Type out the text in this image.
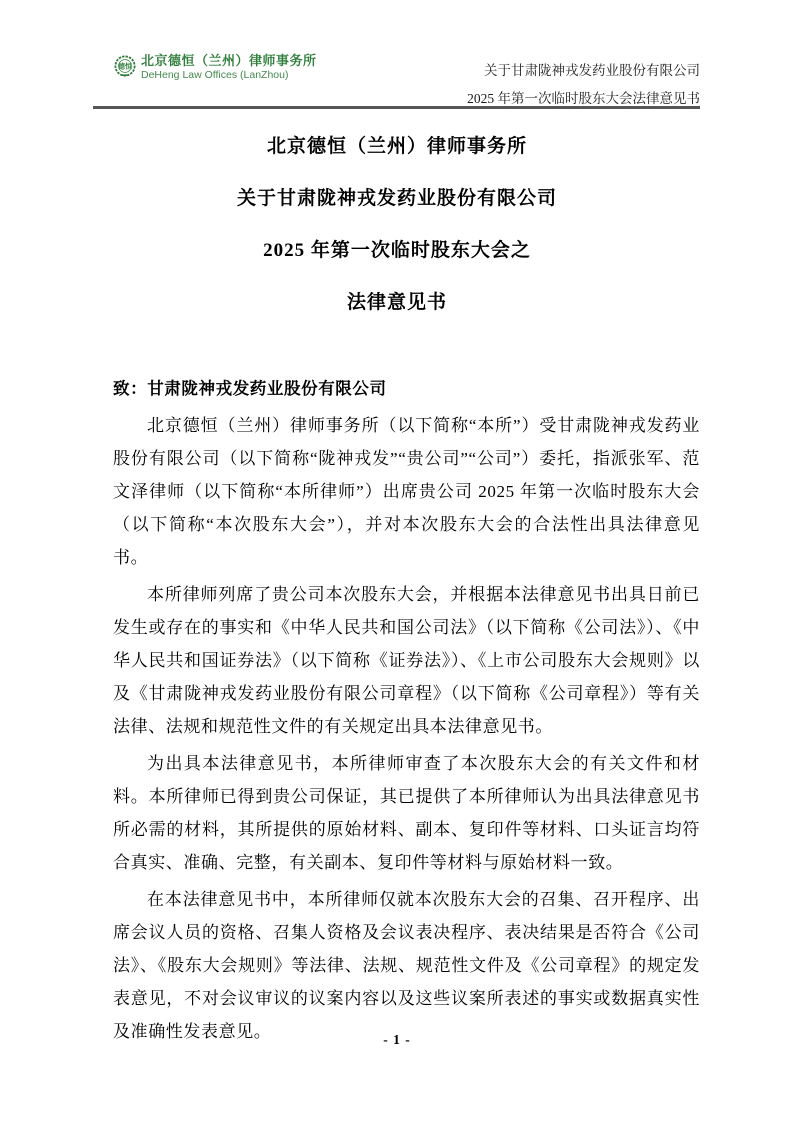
德恒 北京德恒（兰州）律师事务所
DeHeng Law Offices (LanZhou)	关于甘肃陇神戎发药业股份有限公司
2025 年第一次临时股东大会法律意见书
北京德恒（兰州）律师事务所
关于甘肃陇神戎发药业股份有限公司
2025 年第一次临时股东大会之
法律意见书
致：甘肃陇神戎发药业股份有限公司

北京德恒（兰州）律师事务所（以下简称“本所”）受甘肃陇神戎发药业股份有限公司（以下简称“陇神戎发”“贵公司”“公司”）委托，指派张军、范文泽律师（以下简称“本所律师”）出席贵公司 2025 年第一次临时股东大会（以下简称“本次股东大会”），并对本次股东大会的合法性出具法律意见书。

本所律师列席了贵公司本次股东大会，并根据本法律意见书出具日前已发生或存在的事实和《中华人民共和国公司法》（以下简称《公司法》）、《中华人民共和国证券法》（以下简称《证券法》）、《上市公司股东大会规则》以及《甘肃陇神戎发药业股份有限公司章程》（以下简称《公司章程》）等有关法律、法规和规范性文件的有关规定出具本法律意见书。

为出具本法律意见书，本所律师审查了本次股东大会的有关文件和材料。本所律师已得到贵公司保证，其已提供了本所律师认为出具法律意见书所必需的材料，其所提供的原始材料、副本、复印件等材料、口头证言均符合真实、准确、完整，有关副本、复印件等材料与原始材料一致。

在本法律意见书中，本所律师仅就本次股东大会的召集、召开程序、出席会议人员的资格、召集人资格及会议表决程序、表决结果是否符合《公司法》、《股东大会规则》等法律、法规、规范性文件及《公司章程》的规定发表意见，不对会议审议的议案内容以及这些议案所表述的事实或数据真实性及准确性发表意见。	- 1 -
